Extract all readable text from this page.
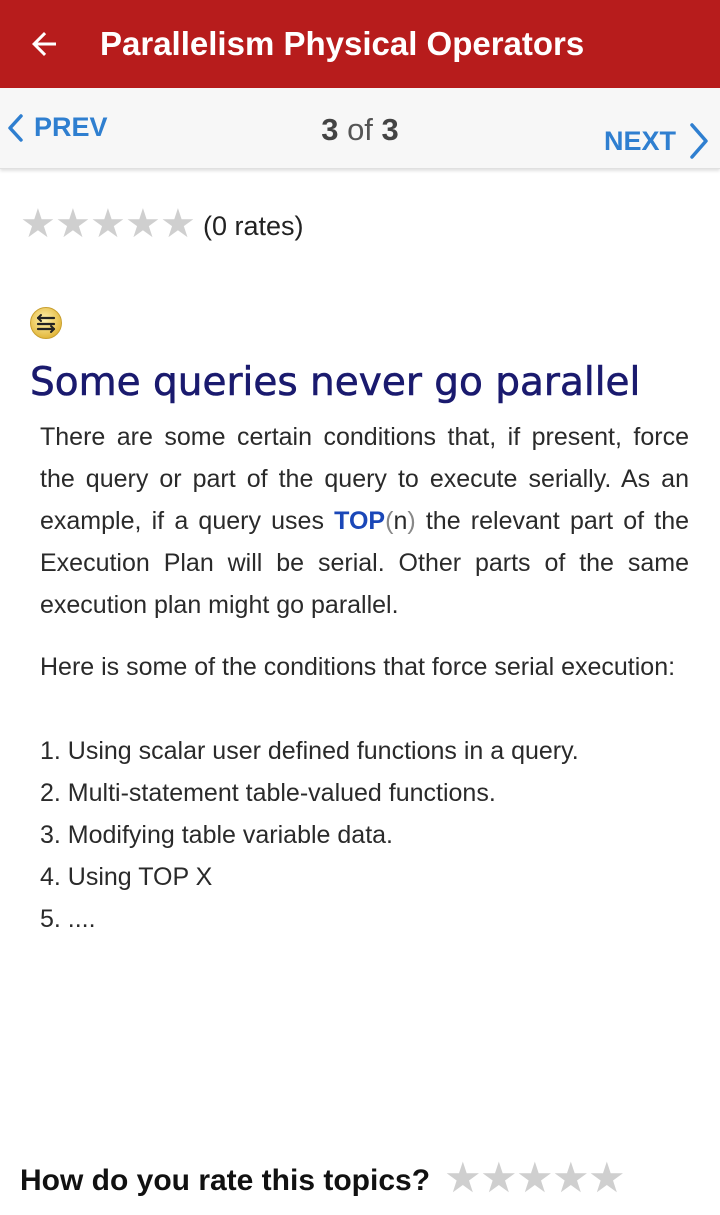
Parallelism Physical Operators
PREV	3 of 3	NEXT
★ ★ ★ ★ ★ (0 rates)
Some queries never go parallel

There are some certain conditions that, if present, force the query or part of the query to execute serially. As an example, if a query uses TOP(n) the relevant part of the Execution Plan will be serial. Other parts of the same execution plan might go parallel.

Here is some of the conditions that force serial execution:

1. Using scalar user defined functions in a query.
2. Multi-statement table-valued functions.
3. Modifying table variable data.
4. Using TOP X
5. ....
How do you rate this topics? ★
★
★
★
★
